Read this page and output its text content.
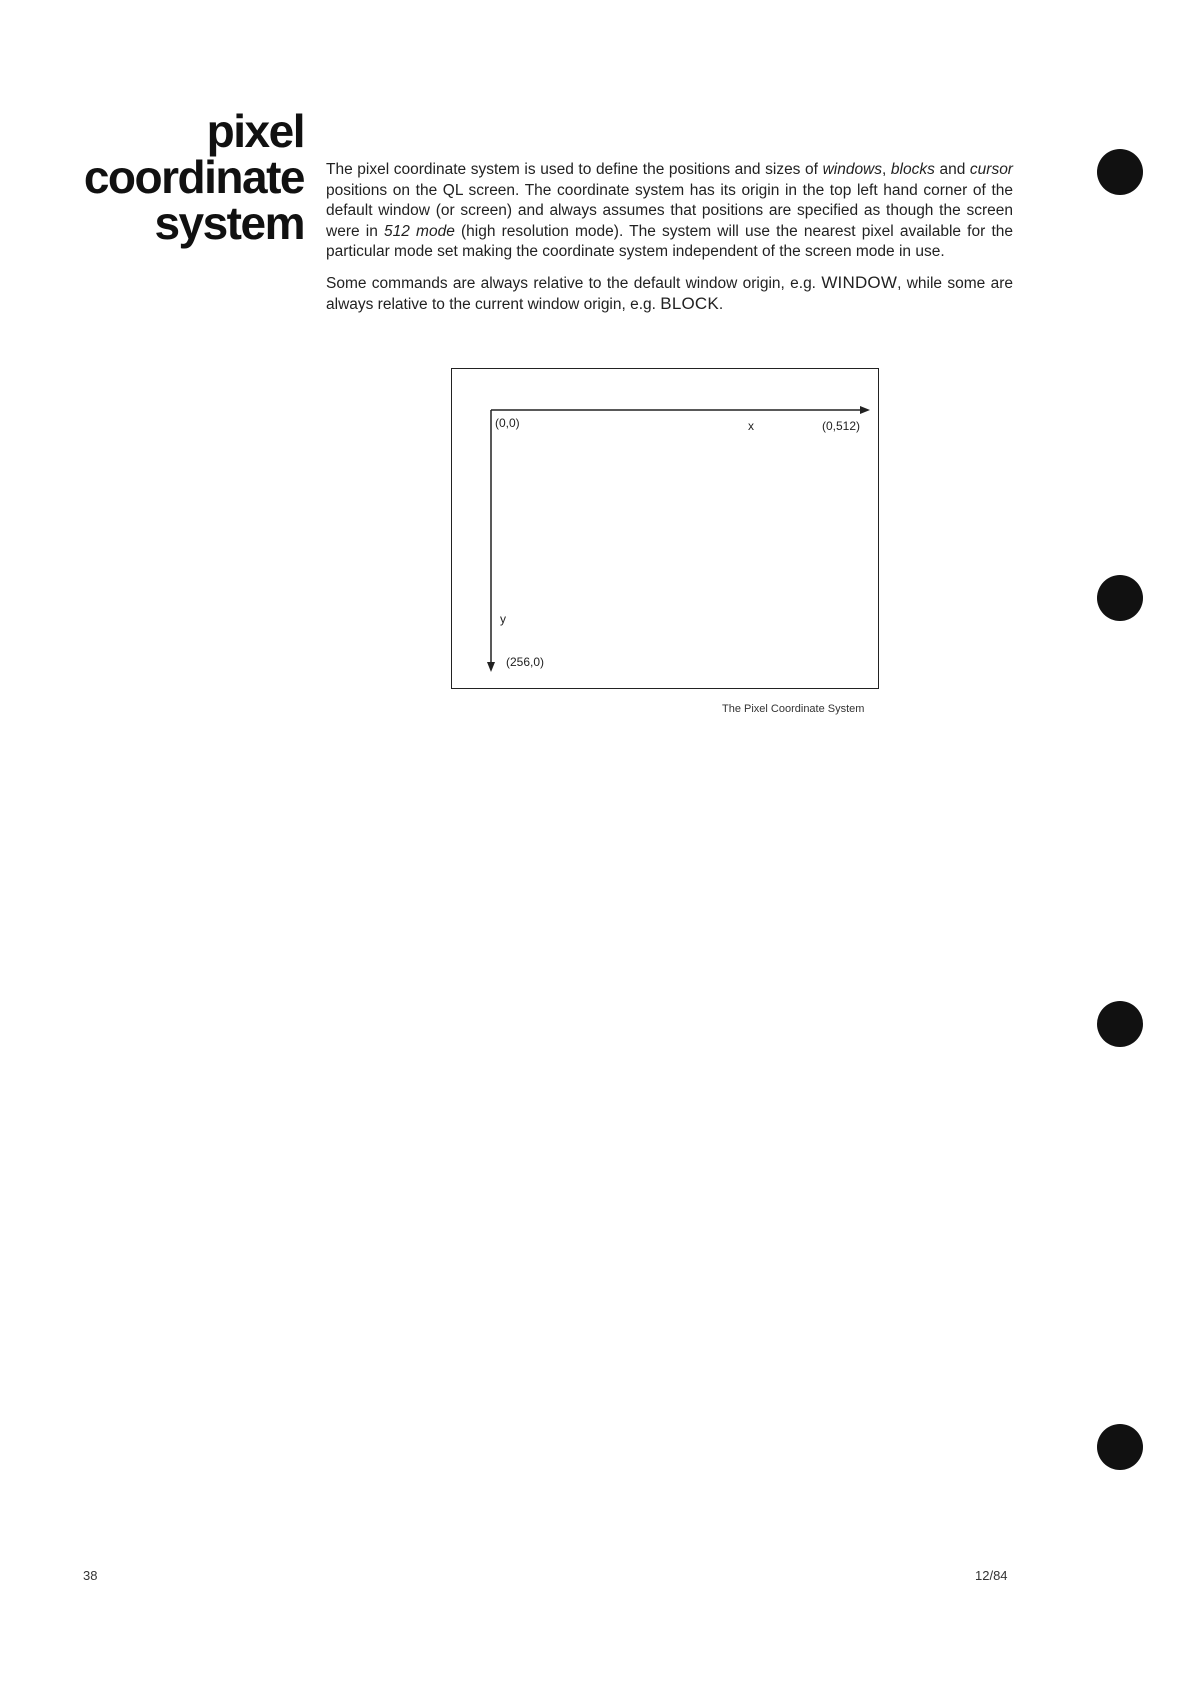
pixel
coordinate
system

The pixel coordinate system is used to define the positions and sizes of windows, blocks and cursor positions on the QL screen. The coordinate system has its origin in the top left hand corner of the default window (or screen) and always assumes that positions are specified as though the screen were in 512 mode (high resolution mode). The system will use the nearest pixel available for the particular mode set making the coordinate system independent of the screen mode in use.

Some commands are always relative to the default window origin, e.g. WINDOW, while some are always relative to the current window origin, e.g. BLOCK.

(0,0)	x	(0,512)
y
(256,0)
The Pixel Coordinate System
38	12/84
